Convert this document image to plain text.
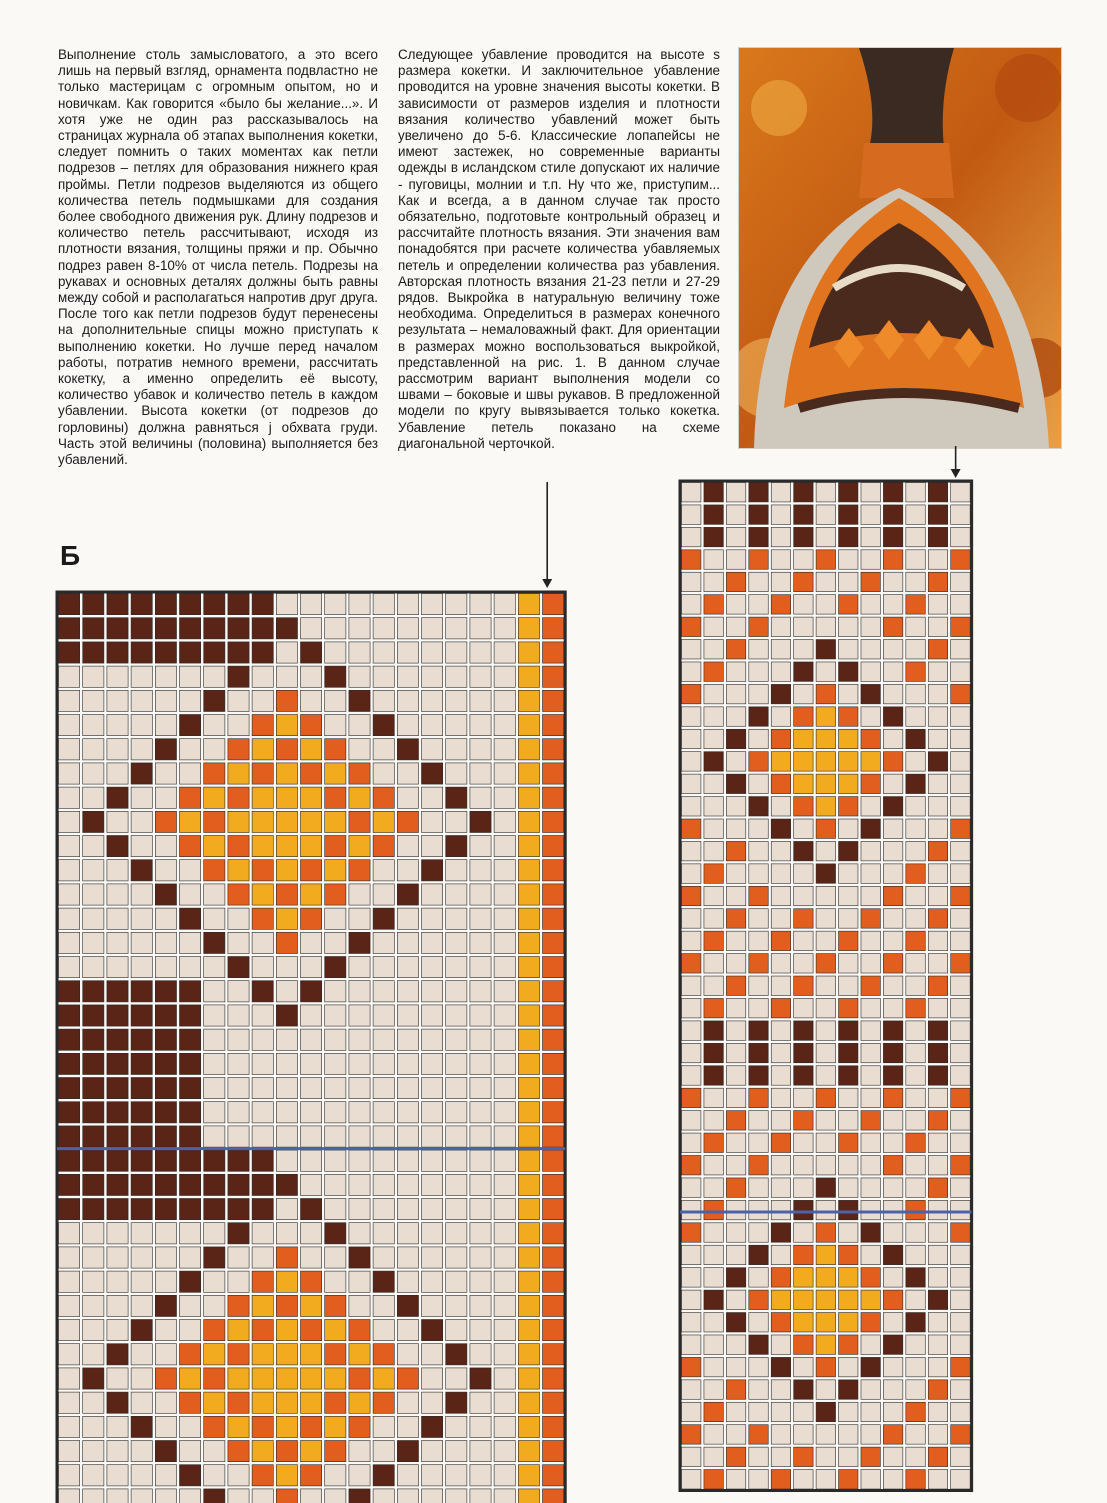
Выполнение столь замысловатого, а это всего лишь на первый взгляд, орнамента подвластно не только мастерицам с огромным опытом, но и новичкам. Как говорится «было бы желание...». И хотя уже не один раз рассказывалось на страницах журнала об этапах выполнения кокетки, следует помнить о таких моментах как петли подрезов – петлях для образования нижнего края проймы. Петли подрезов выделяются из общего количества петель подмышками для создания более свободного движения рук. Длину подрезов и количество петель рассчитывают, исходя из плотности вязания, толщины пряжи и пр. Обычно подрез равен 8-10% от числа петель. Подрезы на рукавах и основных деталях должны быть равны между собой и располагаться напротив друг друга. После того как петли подрезов будут перенесены на дополнительные спицы можно приступать к выполнению кокетки. Но лучше перед началом работы, потратив немного времени, рассчитать кокетку, а именно определить её высоту, количество убавок и количество петель в каждом убавлении. Высота кокетки (от подрезов до горловины) должна равняться j обхвата груди. Часть этой величины (половина) выполняется без убавлений.

Следующее убавление проводится на высоте s размера кокетки. И заключительное убавление проводится на уровне значения высоты кокетки. В зависимости от размеров изделия и плотности вязания количество убавлений может быть увеличено до 5-6. Классические лопапейсы не имеют застежек, но современные варианты одежды в исландском стиле допускают их наличие - пуговицы, молнии и т.п. Ну что же, приступим... Как и всегда, а в данном случае так просто обязательно, подготовьте контрольный образец и рассчитайте плотность вязания. Эти значения вам понадобятся при расчете количества убавляемых петель и определении количества раз убавления. Авторская плотность вязания 21-23 петли и 27-29 рядов. Выкройка в натуральную величину тоже необходима. Определиться в размерах конечного результата – немаловажный факт. Для ориентации в размерах можно воспользоваться выкройкой, представленной на рис. 1. В данном случае рассмотрим вариант выполнения модели со швами – боковые и швы рукавов. В предложенной модели по кругу вывязывается только кокетка. Убавление петель показано на схеме диагональной черточкой.

Б
